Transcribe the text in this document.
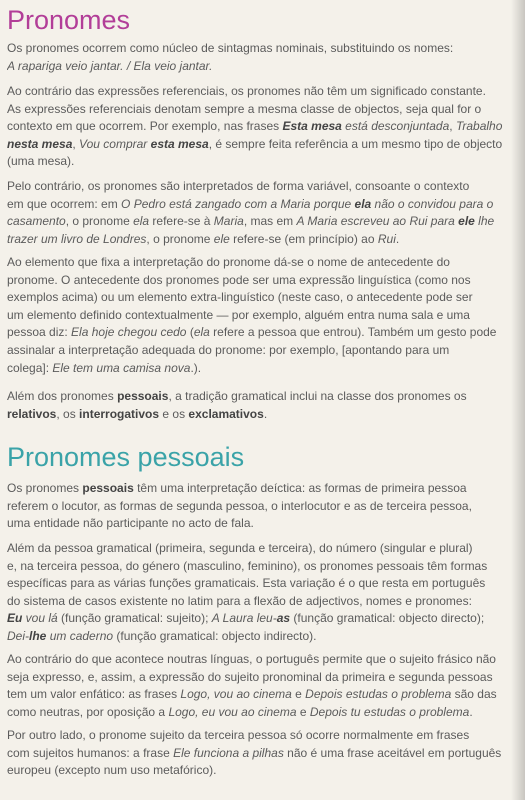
Pronomes
Os pronomes ocorrem como núcleo de sintagmas nominais, substituindo os nomes:
A rapariga veio jantar. / Ela veio jantar.
Ao contrário das expressões referenciais, os pronomes não têm um significado constante.
As expressões referenciais denotam sempre a mesma classe de objectos, seja qual for o
contexto em que ocorrem. Por exemplo, nas frases Esta mesa está desconjuntada, Trabalho
nesta mesa, Vou comprar esta mesa, é sempre feita referência a um mesmo tipo de objecto
(uma mesa).
Pelo contrário, os pronomes são interpretados de forma variável, consoante o contexto
em que ocorrem: em O Pedro está zangado com a Maria porque ela não o convidou para o
casamento, o pronome ela refere-se à Maria, mas em A Maria escreveu ao Rui para ele lhe
trazer um livro de Londres, o pronome ele refere-se (em princípio) ao Rui.
Ao elemento que fixa a interpretação do pronome dá-se o nome de antecedente do
pronome. O antecedente dos pronomes pode ser uma expressão linguística (como nos
exemplos acima) ou um elemento extra-linguístico (neste caso, o antecedente pode ser
um elemento definido contextualmente — por exemplo, alguém entra numa sala e uma
pessoa diz: Ela hoje chegou cedo (ela refere a pessoa que entrou). Também um gesto pode
assinalar a interpretação adequada do pronome: por exemplo, [apontando para um
colega]: Ele tem uma camisa nova.).
Além dos pronomes pessoais, a tradição gramatical inclui na classe dos pronomes os
relativos, os interrogativos e os exclamativos.
Pronomes pessoais
Os pronomes pessoais têm uma interpretação deíctica: as formas de primeira pessoa
referem o locutor, as formas de segunda pessoa, o interlocutor e as de terceira pessoa,
uma entidade não participante no acto de fala.
Além da pessoa gramatical (primeira, segunda e terceira), do número (singular e plural)
e, na terceira pessoa, do género (masculino, feminino), os pronomes pessoais têm formas
específicas para as várias funções gramaticais. Esta variação é o que resta em português
do sistema de casos existente no latim para a flexão de adjectivos, nomes e pronomes:
Eu vou lá (função gramatical: sujeito); A Laura leu-as (função gramatical: objecto directo);
Dei-lhe um caderno (função gramatical: objecto indirecto).
Ao contrário do que acontece noutras línguas, o português permite que o sujeito frásico não
seja expresso, e, assim, a expressão do sujeito pronominal da primeira e segunda pessoas
tem um valor enfático: as frases Logo, vou ao cinema e Depois estudas o problema são das
como neutras, por oposição a Logo, eu vou ao cinema e Depois tu estudas o problema.
Por outro lado, o pronome sujeito da terceira pessoa só ocorre normalmente em frases
com sujeitos humanos: a frase Ele funciona a pilhas não é uma frase aceitável em português
europeu (excepto num uso metafórico).
